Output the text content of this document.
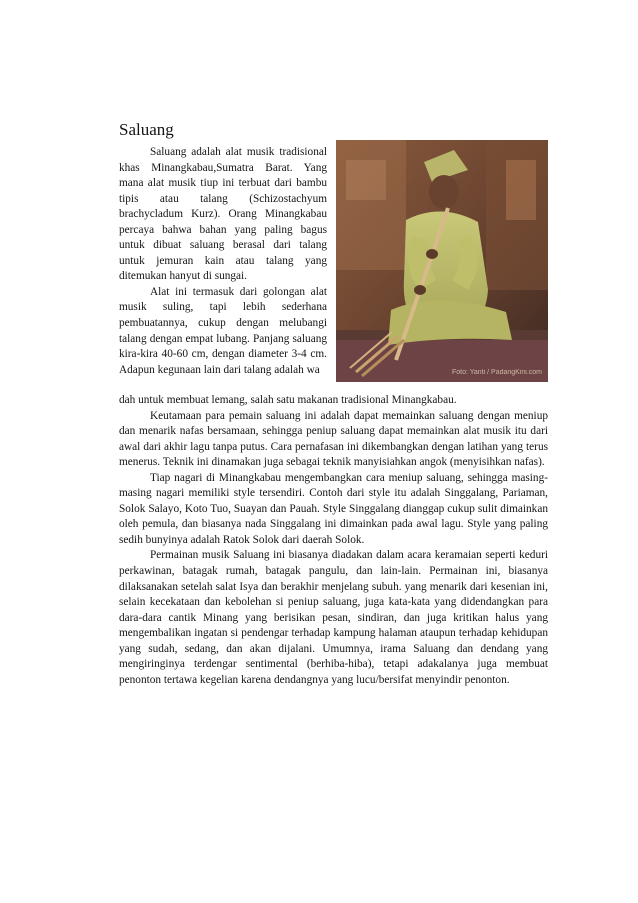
Saluang

Saluang adalah alat musik tradisional khas Minangkabau,Sumatra Barat. Yang mana alat musik tiup ini terbuat dari bambu tipis atau talang (Schizostachyum brachycladum Kurz). Orang Minangkabau percaya bahwa bahan yang paling bagus untuk dibuat saluang berasal dari talang untuk jemuran kain atau talang yang ditemukan hanyut di sungai.

Alat ini termasuk dari golongan alat musik suling, tapi lebih sederhana pembuatannya, cukup dengan melubangi talang dengan empat lubang. Panjang saluang kira-kira 40-60 cm, dengan diameter 3-4 cm. Adapun kegunaan lain dari talang adalah wa	Foto: Yanti / PadangKini.com

dah untuk membuat lemang, salah satu makanan tradisional Minangkabau.

Keutamaan para pemain saluang ini adalah dapat memainkan saluang dengan meniup dan menarik nafas bersamaan, sehingga peniup saluang dapat memainkan alat musik itu dari awal dari akhir lagu tanpa putus. Cara pernafasan ini dikembangkan dengan latihan yang terus menerus. Teknik ini dinamakan juga sebagai teknik manyisiahkan angok (menyisihkan nafas).

Tiap nagari di Minangkabau mengembangkan cara meniup saluang, sehingga masing-masing nagari memiliki style tersendiri. Contoh dari style itu adalah Singgalang, Pariaman, Solok Salayo, Koto Tuo, Suayan dan Pauah. Style Singgalang dianggap cukup sulit dimainkan oleh pemula, dan biasanya nada Singgalang ini dimainkan pada awal lagu. Style yang paling sedih bunyinya adalah Ratok Solok dari daerah Solok.

Permainan musik Saluang ini biasanya diadakan dalam acara keramaian seperti keduri perkawinan, batagak rumah, batagak pangulu, dan lain-lain. Permainan ini, biasanya dilaksanakan setelah salat Isya dan berakhir menjelang subuh. yang menarik dari kesenian ini, selain kecekataan dan kebolehan si peniup saluang, juga kata-kata yang didendangkan para dara-dara cantik Minang yang berisikan pesan, sindiran, dan juga kritikan halus yang mengembalikan ingatan si pendengar terhadap kampung halaman ataupun terhadap kehidupan yang sudah, sedang, dan akan dijalani. Umumnya, irama Saluang dan dendang yang mengiringinya terdengar sentimental (berhiba-hiba), tetapi adakalanya juga membuat penonton tertawa kegelian karena dendangnya yang lucu/bersifat menyindir penonton.
